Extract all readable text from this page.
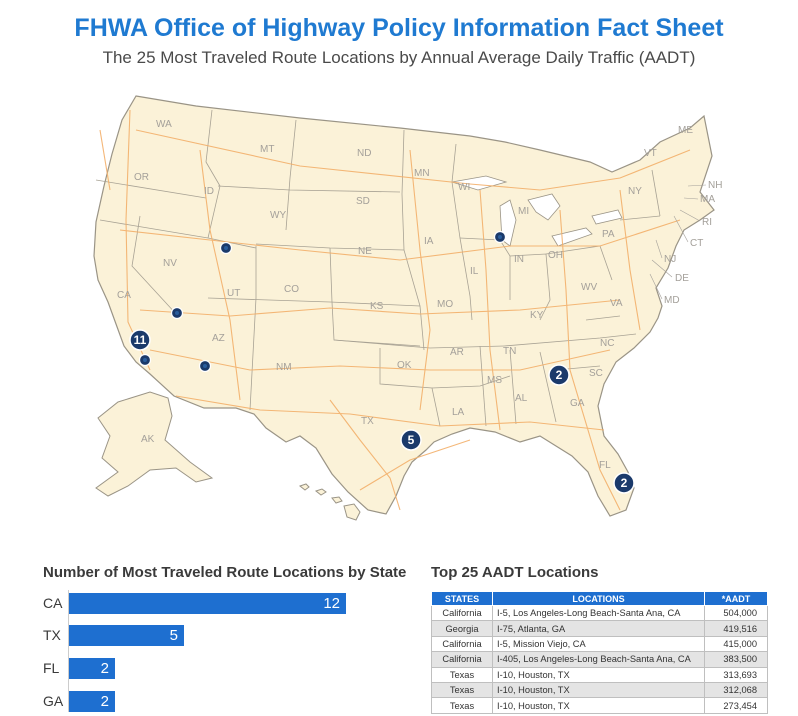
FHWA Office of Highway Policy Information Fact Sheet
The 25 Most Traveled Route Locations by Annual Average Daily Traffic (AADT)
WA
MT	ND
MN
OR
ID
SD
WI
MI
WY
IA
NE
NV
UT	CO
IL
IN OH
PA
KS	MO
KY
WV
VA
CA
AZ
NM	OK
AR	TN
NC
MS
AL	GA
SC
TX
LA
FL
AK
ME
VT
NH
MA
NY
RI
CT
NJ
DE
MD
11
2
5
2
Number of Most Traveled Route Locations by State
CA	12
TX	5
FL	2
GA 2
Top 25 AADT Locations
STATES	LOCATIONS	*AADT
California	I-5, Los Angeles-Long Beach-Santa Ana, CA	504,000
Georgia	I-75, Atlanta, GA	419,516
California	I-5, Mission Viejo, CA	415,000
California	I-405, Los Angeles-Long Beach-Santa Ana, CA	383,500
Texas	I-10, Houston, TX	313,693
Texas	I-10, Houston, TX	312,068
Texas	I-10, Houston, TX	273,454
